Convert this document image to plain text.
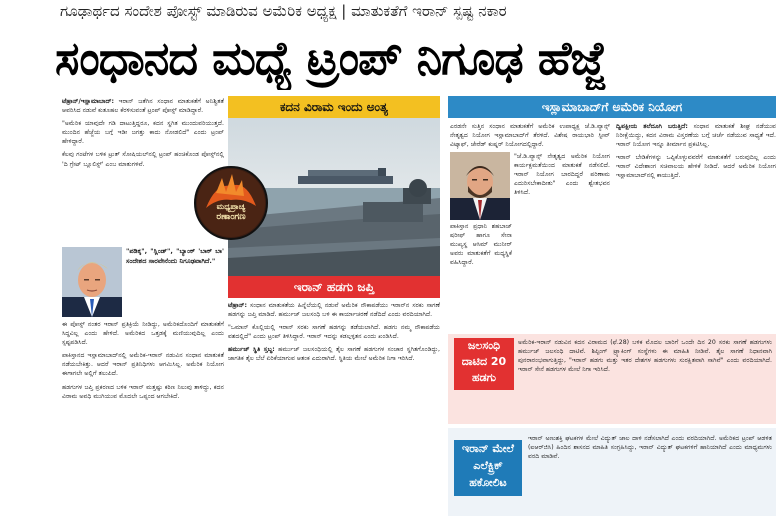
ಗೂಢಾರ್ಥದ ಸಂದೇಶ ಪೋಸ್ಟ್ ಮಾಡಿರುವ ಅಮೆರಿಕ ಅಧ್ಯಕ್ಷ | ಮಾತುಕತೆಗೆ ಇರಾನ್ ಸ್ಪಷ್ಟ ನಕಾರ
ಸಂಧಾನದ ಮಧ್ಯೆ ಟ್ರಂಪ್ ನಿಗೂಢ ಹೆಜ್ಜೆ

ಟೆಹ್ರಾನ್/ಇಸ್ಲಾಮಾಬಾದ್: ಇರಾನ್ ಜತೆಗಿನ ಸಂಧಾನ ಮಾತುಕತೆಗೆ ಅನಿಶ್ಚಿತತೆ ಆವರಿಸಿದ ನಡುವೆ ಕುತೂಹಲ ಕೆರಳಿಸುವಂತೆ ಟ್ರಂಪ್ ಪೋಸ್ಟ್ ಮಾಡಿದ್ದಾರೆ.

"ಅಮೆರಿಕ ಯಾವುದೇ ಗಡಿ ದಾಟುತ್ತಿದ್ದರೂ, ಕದನ ಸ್ಥಗಿತ ಮುಂದುವರಿಯುತ್ತದೆ. ಮುಂದಿನ ಹೆಜ್ಜೆಯ ಬಗ್ಗೆ ಇಡೀ ಜಗತ್ತು ಕಾದು ನೋಡಲಿದೆ" ಎಂದು ಟ್ರಂಪ್ ಹೇಳಿದ್ದಾರೆ.

ಕೆಲವು ಗಂಟೆಗಳ ಬಳಿಕ ಟ್ರುತ್ ಸೋಷಿಯಲ್‌ನಲ್ಲಿ ಟ್ರಂಪ್ ಹಂಚಿಕೊಂಡ ಪೋಸ್ಟ್‌ನಲ್ಲಿ 'ದಿ ಗ್ರೇಟ್ ಬ್ಲೂಲಿಸ್ಟ್' ಎಂಬ ಮಾತುಗಳಿವೆ.

"ಪಡಿಕ್ಕ", "ಸ್ಲಿಂಡ್", "ಬ್ಯಾಂಕ್ 'ಬಾಕ್ ಬಾ' ಸಂದೇಶದ ಸಾರವೇನೆಂದು ನಿಗೂಢವಾಗಿದೆ."

ಈ ಪೋಸ್ಟ್ ನಂತರ ಇರಾನ್ ಪ್ರತಿಕ್ರಿಯೆ ನೀಡಿದ್ದು, ಅಮೆರಿಕದೊಂದಿಗೆ ಮಾತುಕತೆಗೆ ಸಿದ್ಧವಿಲ್ಲ ಎಂದು ಹೇಳಿದೆ. ಅಮೆರಿಕದ ಒತ್ತಡಕ್ಕೆ ಮಣಿಯುವುದಿಲ್ಲ ಎಂದು ಸ್ಪಷ್ಟಪಡಿಸಿದೆ.

ಪಾಕಿಸ್ತಾನದ ಇಸ್ಲಾಮಾಬಾದ್‌ನಲ್ಲಿ ಅಮೆರಿಕ-ಇರಾನ್ ನಡುವಿನ ಸಂಧಾನ ಮಾತುಕತೆ ನಡೆಯಬೇಕಿತ್ತು. ಆದರೆ ಇರಾನ್ ಪ್ರತಿನಿಧಿಗಳು ಆಗಮಿಸಿಲ್ಲ. ಅಮೆರಿಕ ನಿಯೋಗ ಈಗಾಗಲೇ ಅಲ್ಲಿಗೆ ತಲುಪಿದೆ.

ಹಡಗುಗಳ ಜಪ್ತಿ ಪ್ರಕರಣದ ಬಳಿಕ ಇರಾನ್ ಮತ್ತಷ್ಟು ಕಠಿಣ ನಿಲುವು ತಾಳಿದ್ದು, ಕದನ ವಿರಾಮ ಅವಧಿ ಮುಗಿಯುವ ಮೊದಲೇ ಒಪ್ಪಂದ ಆಗಬೇಕಿದೆ.

ಕದನ ವಿರಾಮ ಇಂದು ಅಂತ್ಯ
ಮಧ್ಯಪ್ರಾಚ್ಯ
ರಣಾಂಗಣ
ಇರಾನ್ ಹಡಗು ಜಪ್ತಿ

ಟೆಹ್ರಾನ್: ಸಂಧಾನ ಮಾತುಕತೆಯ ಹಿನ್ನೆಲೆಯಲ್ಲಿ ನಡುವೆ ಅಮೆರಿಕ ನೌಕಾಪಡೆಯು ಇರಾನ್‌ನ ಸರಕು ಸಾಗಣೆ ಹಡಗನ್ನು ಜಪ್ತಿ ಮಾಡಿದೆ. ಹರ್ಮುಜ್ ಜಲಸಂಧಿ ಬಳಿ ಈ ಕಾರ್ಯಾಚರಣೆ ನಡೆದಿದೆ ಎಂದು ವರದಿಯಾಗಿದೆ.

"ಒಮಾನ್ ಕೊಲ್ಲಿಯಲ್ಲಿ ಇರಾನ್ ಸರಕು ಸಾಗಣೆ ಹಡಗನ್ನು ತಡೆಯಲಾಗಿದೆ. ಹಡಗು ನಮ್ಮ ನೌಕಾಪಡೆಯ ವಶದಲ್ಲಿದೆ" ಎಂದು ಟ್ರಂಪ್ ತಿಳಿಸಿದ್ದಾರೆ. ಇರಾನ್ ಇದನ್ನು ಕಡಲ್ಗಳ್ಳತನ ಎಂದು ಖಂಡಿಸಿದೆ.

ಹರ್ಮುಜ್ ಸ್ಥಿತಿ ಸ್ತಬ್ಧ: ಹರ್ಮುಜ್ ಜಲಸಂಧಿಯಲ್ಲಿ ತೈಲ ಸಾಗಣೆ ಹಡಗುಗಳ ಸಂಚಾರ ಸ್ಥಗಿತಗೊಂಡಿದ್ದು, ಜಾಗತಿಕ ತೈಲ ಬೆಲೆ ಏರಿಕೆಯಾಗುವ ಆತಂಕ ಎದುರಾಗಿದೆ. ಸ್ಥಿತಿಯ ಮೇಲೆ ಅಮೆರಿಕ ನಿಗಾ ಇರಿಸಿದೆ.

ಇಸ್ಲಾಮಾಬಾದ್‌ಗೆ ಅಮೆರಿಕ ನಿಯೋಗ

ಎರಡನೇ ಸುತ್ತಿನ ಸಂಧಾನ ಮಾತುಕತೆಗೆ ಅಮೆರಿಕ ಉಪಾಧ್ಯಕ್ಷ ಜೆ.ಡಿ.ವ್ಯಾನ್ಸ್ ನೇತೃತ್ವದ ನಿಯೋಗ ಇಸ್ಲಾಮಾಬಾದ್‌ಗೆ ತೆರಳಿದೆ. ವಿಶೇಷ ರಾಯಭಾರಿ ಸ್ಟೀವ್ ವಿಟ್ಕಾಫ್, ಜೇರೆಡ್ ಕುಷ್ನರ್ ನಿಯೋಗದಲ್ಲಿದ್ದಾರೆ.

"ಜೆ.ಡಿ.ವ್ಯಾನ್ಸ್ ನೇತೃತ್ವದ ಅಮೆರಿಕ ನಿಯೋಗ ಕಾರ್ಯಕ್ಷಮತೆಯಿಂದ ಮಾತುಕತೆ ನಡೆಸಲಿದೆ. ಇರಾನ್ ನಿಯೋಗ ಬಾರದಿದ್ದರೆ ಪರಿಣಾಮ ಎದುರಿಸಬೇಕಾದೀತು" ಎಂದು ಶ್ವೇತಭವನ ತಿಳಿಸಿದೆ.

ಪಾಕಿಸ್ತಾನ ಪ್ರಧಾನಿ ಶಹಬಾಜ್ ಷರೀಫ್ ಹಾಗೂ ಸೇನಾ ಮುಖ್ಯಸ್ಥ ಆಸಿಮ್ ಮುನೀರ್ ಅವರು ಮಾತುಕತೆಗೆ ಮಧ್ಯಸ್ಥಿಕೆ ವಹಿಸಿದ್ದಾರೆ.

ದ್ವಿಪಕ್ಷೀಯ ತಲೆದೂಗಿ ಬರುತ್ತಿದೆ: ಸಂಧಾನ ಮಾತುಕತೆ ಶೀಘ್ರ ನಡೆಯುವ ನಿರೀಕ್ಷೆಯಿದ್ದು, ಕದನ ವಿರಾಮ ವಿಸ್ತರಣೆಯ ಬಗ್ಗೆ ಚರ್ಚೆ ನಡೆಯುವ ಸಾಧ್ಯತೆ ಇದೆ. ಇರಾನ್ ನಿಯೋಗ ಇನ್ನೂ ತೀರ್ಮಾನ ಪ್ರಕಟಿಸಿಲ್ಲ.

ಇರಾನ್ ಬೇಡಿಕೆಗಳನ್ನು ಒಪ್ಪಿಕೊಳ್ಳುವವರೆಗೆ ಮಾತುಕತೆಗೆ ಬರುವುದಿಲ್ಲ ಎಂದು ಇರಾನ್ ವಿದೇಶಾಂಗ ಸಚಿವಾಲಯ ಹೇಳಿಕೆ ನೀಡಿದೆ. ಆದರೆ ಅಮೆರಿಕ ನಿಯೋಗ ಇಸ್ಲಾಮಾಬಾದ್‌ನಲ್ಲಿ ಕಾಯುತ್ತಿದೆ.

ಜಲಸಂಧಿ
ದಾಟಿದ 20
ಹಡಗು
ಅಮೆರಿಕ-ಇರಾನ್ ನಡುವಿನ ಕದನ ವಿರಾಮದ (ಫೆ.28) ಬಳಿಕ ಮೊದಲ ಬಾರಿಗೆ ಒಂದೇ ದಿನ 20 ಸರಕು ಸಾಗಣೆ ಹಡಗುಗಳು ಹರ್ಮುಜ್ ಜಲಸಂಧಿ ದಾಟಿವೆ. ಶಿಪ್ಪಿಂಗ್ ಟ್ರ್ಯಾಕಿಂಗ್ ಸಂಸ್ಥೆಗಳು ಈ ಮಾಹಿತಿ ನೀಡಿವೆ. ತೈಲ ಸಾಗಣೆ ನಿಧಾನವಾಗಿ ಪುನರಾರಂಭವಾಗುತ್ತಿದ್ದು, "ಇರಾನ್ ಹಡಗು ಮತ್ತು ಇತರ ದೇಶಗಳ ಹಡಗುಗಳು ಸುರಕ್ಷಿತವಾಗಿ ಸಾಗಿವೆ" ಎಂದು ವರದಿಯಾಗಿದೆ. ಇರಾನ್ ಸೇನೆ ಹಡಗುಗಳ ಮೇಲೆ ನಿಗಾ ಇರಿಸಿದೆ.
ಇರಾನ್ ಮೇಲೆ
ಎಲೆಕ್ಟ್ರಿಕ್
ಹಕೋಲಿಟ
ಇರಾನ್ ಅಣುಶಕ್ತಿ ಘಟಕಗಳ ಮೇಲೆ ವಿದ್ಯುತ್ ಜಾಲ ದಾಳಿ ನಡೆಸಲಾಗಿದೆ ಎಂದು ವರದಿಯಾಗಿದೆ. ಅಮೆರಿಕದ ಟ್ರಂಪ್ ಆಡಳಿತ (ಐಆರ್‌ಜಿಸಿ) ಹಿಂದಿನ ಶಾಸನದ ಮಾಹಿತಿ ಸಂಗ್ರಹಿಸಿದ್ದು, ಇರಾನ್ ವಿದ್ಯುತ್ ಘಟಕಗಳಿಗೆ ಹಾನಿಯಾಗಿದೆ ಎಂದು ಮಾಧ್ಯಮಗಳು ವರದಿ ಮಾಡಿವೆ.
